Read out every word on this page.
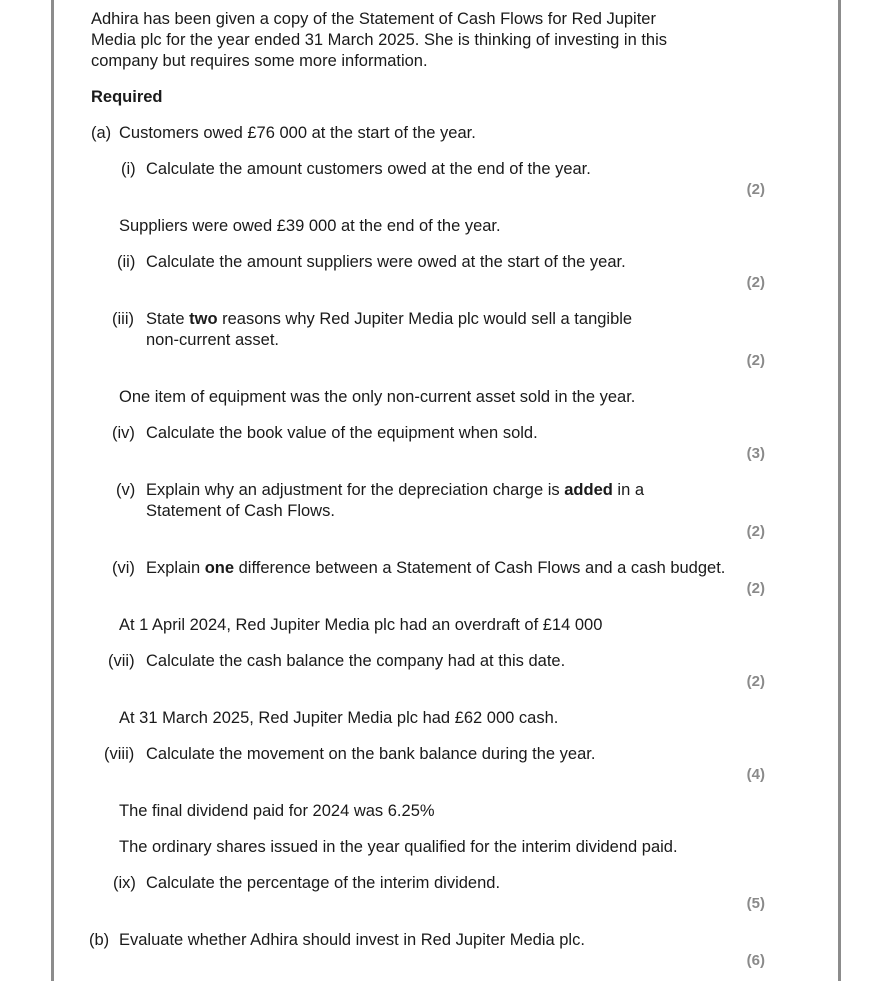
Adhira has been given a copy of the Statement of Cash Flows for Red Jupiter
Media plc for the year ended 31 March 2025. She is thinking of investing in this
company but requires some more information.
Required
(a) Customers owed £76 000 at the start of the year.
(i) Calculate the amount customers owed at the end of the year.
(2)
Suppliers were owed £39 000 at the end of the year.
(ii) Calculate the amount suppliers were owed at the start of the year.
(2)
(iii) State two reasons why Red Jupiter Media plc would sell a tangible
non-current asset.
(2)
One item of equipment was the only non-current asset sold in the year.
(iv) Calculate the book value of the equipment when sold.
(3)
(v) Explain why an adjustment for the depreciation charge is added in a
Statement of Cash Flows.
(2)
(vi) Explain one difference between a Statement of Cash Flows and a cash budget.
(2)
At 1 April 2024, Red Jupiter Media plc had an overdraft of £14 000
(vii) Calculate the cash balance the company had at this date.
(2)
At 31 March 2025, Red Jupiter Media plc had £62 000 cash.
(viii) Calculate the movement on the bank balance during the year.
(4)
The final dividend paid for 2024 was 6.25%
The ordinary shares issued in the year qualified for the interim dividend paid.
(ix) Calculate the percentage of the interim dividend.
(5)
(b) Evaluate whether Adhira should invest in Red Jupiter Media plc.
(6)
